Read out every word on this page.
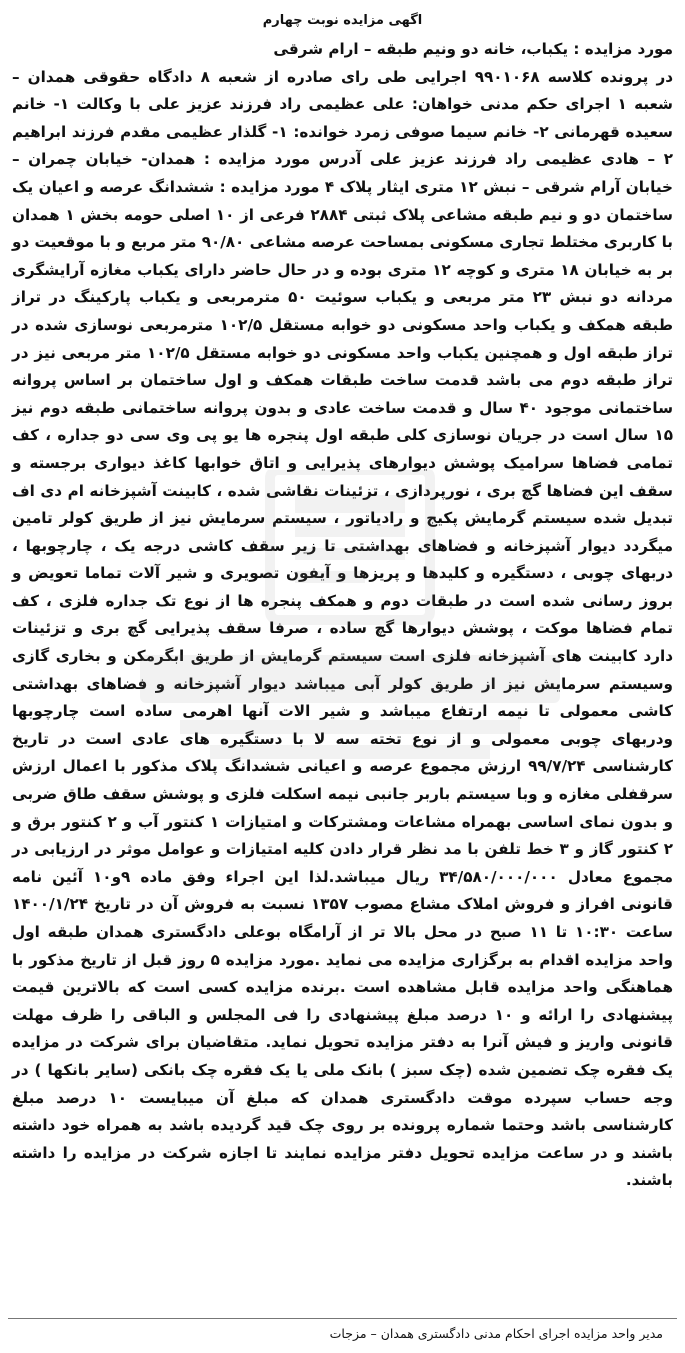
اگهی مزایده نوبت چهارم

مورد مزایده : یکباب، خانه دو ونیم طبقه – ارام شرقی

در پرونده کلاسه ۹۹۰۱۰۶۸ اجرایی طی رای صادره از شعبه ۸ دادگاه حقوقی همدان – شعبه ۱ اجرای حکم مدنی خواهان: علی عظیمی راد فرزند عزیز علی با وکالت ۱- خانم سعیده قهرمانی ۲- خانم سیما صوفی زمرد خوانده: ۱- گلذار عظیمی مقدم فرزند ابراهیم ۲ – هادی عظیمی راد فرزند عزیز علی آدرس مورد مزایده : همدان- خیابان چمران – خیابان آرام شرقی – نبش ۱۲ متری ایثار پلاک ۴ مورد مزایده : ششدانگ عرصه و اعیان یک ساختمان دو و نیم طبقه مشاعی پلاک ثبتی ۲۸۸۴ فرعی از ۱۰ اصلی حومه بخش ۱ همدان با کاربری مختلط تجاری مسکونی بمساحت عرصه مشاعی ۹۰/۸۰ متر مربع و با موقعیت دو بر به خیابان ۱۸ متری و کوچه ۱۲ متری بوده و در حال حاضر دارای یکباب مغازه آرایشگری مردانه دو نبش ۲۳ متر مربعی و یکباب سوئیت ۵۰ مترمربعی و یکباب پارکینگ در تراز طبقه همکف و یکباب واحد مسکونی دو خوابه مستقل ۱۰۲/۵ مترمربعی نوسازی شده در تراز طبقه اول و همچنین یکباب واحد مسکونی دو خوابه مستقل ۱۰۲/۵ متر مربعی نیز در تراز طبقه دوم می باشد قدمت ساخت طبقات همکف و اول ساختمان بر اساس پروانه ساختمانی موجود ۴۰ سال و قدمت ساخت عادی و بدون پروانه ساختمانی طبقه دوم نیز ۱۵ سال است در جریان نوسازی کلی طبقه اول پنجره ها یو پی وی سی دو جداره ، کف تمامی فضاها سرامیک پوشش دیوارهای پذیرایی و اتاق خوابها کاغذ دیواری برجسته و سقف این فضاها گچ بری ، نورپردازی ، تزئینات نقاشی شده ، کابینت آشپزخانه ام دی اف تبدیل شده سیستم گرمایش پکیج و رادیاتور ، سیستم سرمایش نیز از طریق کولر تامین میگردد دیوار آشپزخانه و فضاهای بهداشتی تا زیر سقف کاشی درجه یک ، چارچوبها ، دربهای چوبی ، دستگیره و کلیدها و پریزها و آیفون تصویری و شیر آلات تماما تعویض و بروز رسانی شده است در طبقات دوم و همکف پنجره ها از نوع تک جداره فلزی ، کف تمام فضاها موکت ، پوشش دیوارها گچ ساده ، صرفا سقف پذیرایی گچ بری و تزئینات دارد کابینت های آشپزخانه فلزی است سیستم گرمایش از طریق ابگرمکن و بخاری گازی وسیستم سرمایش نیز از طریق کولر آبی میباشد دیوار آشپزخانه و فضاهای بهداشتی کاشی معمولی تا نیمه ارتفاع میباشد و شیر الات آنها اهرمی ساده است چارچوبها ودربهای چوبی معمولی و از نوع تخته سه لا با دستگیره های عادی است در تاریخ کارشناسی ۹۹/۷/۲۴ ارزش مجموع عرصه و اعیانی ششدانگ پلاک مذکور با اعمال ارزش سرقفلی مغازه و وبا سیستم باربر جانبی نیمه اسکلت فلزی و پوشش سقف طاق ضربی و بدون نمای اساسی بهمراه مشاعات ومشترکات و امتیازات ۱ کنتور آب و ۲ کنتور برق و ۲ کنتور گاز و ۳ خط تلفن با مد نظر قرار دادن کلیه امتیازات و عوامل موثر در ارزیابی در مجموع معادل ۳۴/۵۸۰/۰۰۰/۰۰۰ ریال میباشد.لذا این اجراء وفق ماده ۹و۱۰ آئین نامه قانونی افراز و فروش املاک مشاع مصوب ۱۳۵۷ نسبت به فروش آن در تاریخ ۱۴۰۰/۱/۲۴ ساعت ۱۰:۳۰ تا ۱۱ صبح در محل بالا تر از آرامگاه بوعلی دادگستری همدان طبقه اول واحد مزایده اقدام به برگزاری مزایده می نماید .مورد مزایده ۵ روز قبل از تاریخ مذکور با هماهنگی واحد مزایده قابل مشاهده است .برنده مزایده کسی است که بالاترین قیمت پیشنهادی را ارائه و ۱۰ درصد مبلغ پیشنهادی را فی المجلس و الباقی را ظرف مهلت قانونی واریز و فیش آنرا به دفتر مزایده تحویل نماید. متقاضیان برای شرکت در مزایده یک فقره چک تضمین شده (چک سبز ) بانک ملی یا یک فقره چک بانکی (سایر بانکها ) در وجه حساب سپرده موقت دادگستری همدان که مبلغ آن میبایست ۱۰ درصد مبلغ کارشناسی باشد وحتما شماره پرونده بر روی چک قید گردیده باشد به همراه خود داشته باشند و در ساعت مزایده تحویل دفتر مزایده نمایند تا اجازه شرکت در مزایده را داشته باشند.

مدیر واحد مزایده اجرای احکام مدنی دادگستری همدان – مزجات
